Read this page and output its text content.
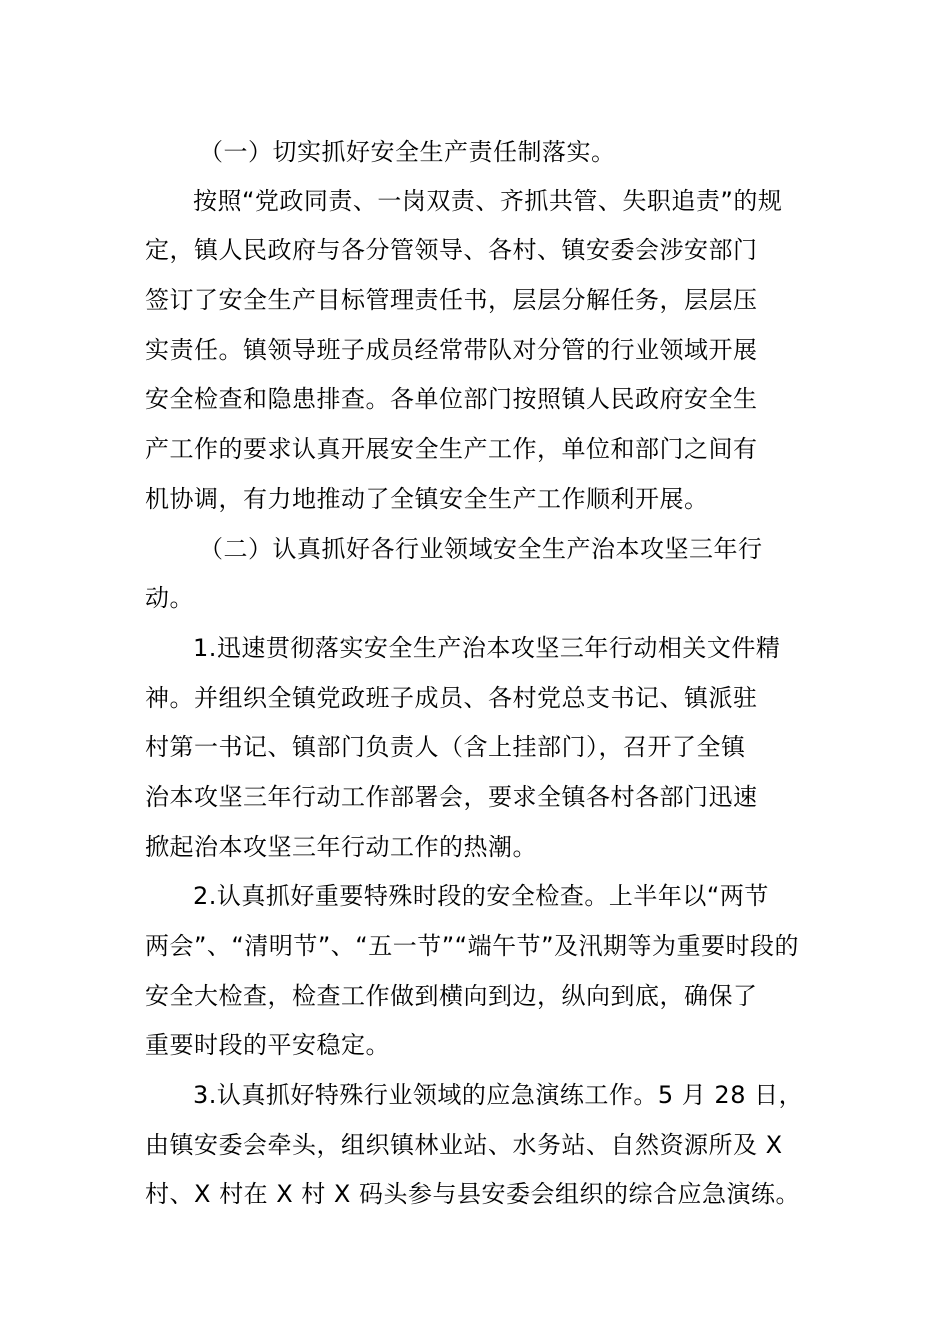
（一）切实抓好安全生产责任制落实。
按照“党政同责、一岗双责、齐抓共管、失职追责”的规
定，镇人民政府与各分管领导、各村、镇安委会涉安部门
签订了安全生产目标管理责任书，层层分解任务，层层压
实责任。镇领导班子成员经常带队对分管的行业领域开展
安全检查和隐患排查。各单位部门按照镇人民政府安全生
产工作的要求认真开展安全生产工作，单位和部门之间有
机协调，有力地推动了全镇安全生产工作顺利开展。
（二）认真抓好各行业领域安全生产治本攻坚三年行
动。
1.迅速贯彻落实安全生产治本攻坚三年行动相关文件精
神。并组织全镇党政班子成员、各村党总支书记、镇派驻
村第一书记、镇部门负责人（含上挂部门），召开了全镇
治本攻坚三年行动工作部署会，要求全镇各村各部门迅速
掀起治本攻坚三年行动工作的热潮。
2.认真抓好重要特殊时段的安全检查。上半年以“两节
两会”、“清明节”、“五一节”“端午节”及汛期等为重要时段的
安全大检查，检查工作做到横向到边，纵向到底，确保了
重要时段的平安稳定。
3.认真抓好特殊行业领域的应急演练工作。5 月 28 日，
由镇安委会牵头，组织镇林业站、水务站、自然资源所及 X
村、X 村在 X 村 X 码头参与县安委会组织的综合应急演练。
